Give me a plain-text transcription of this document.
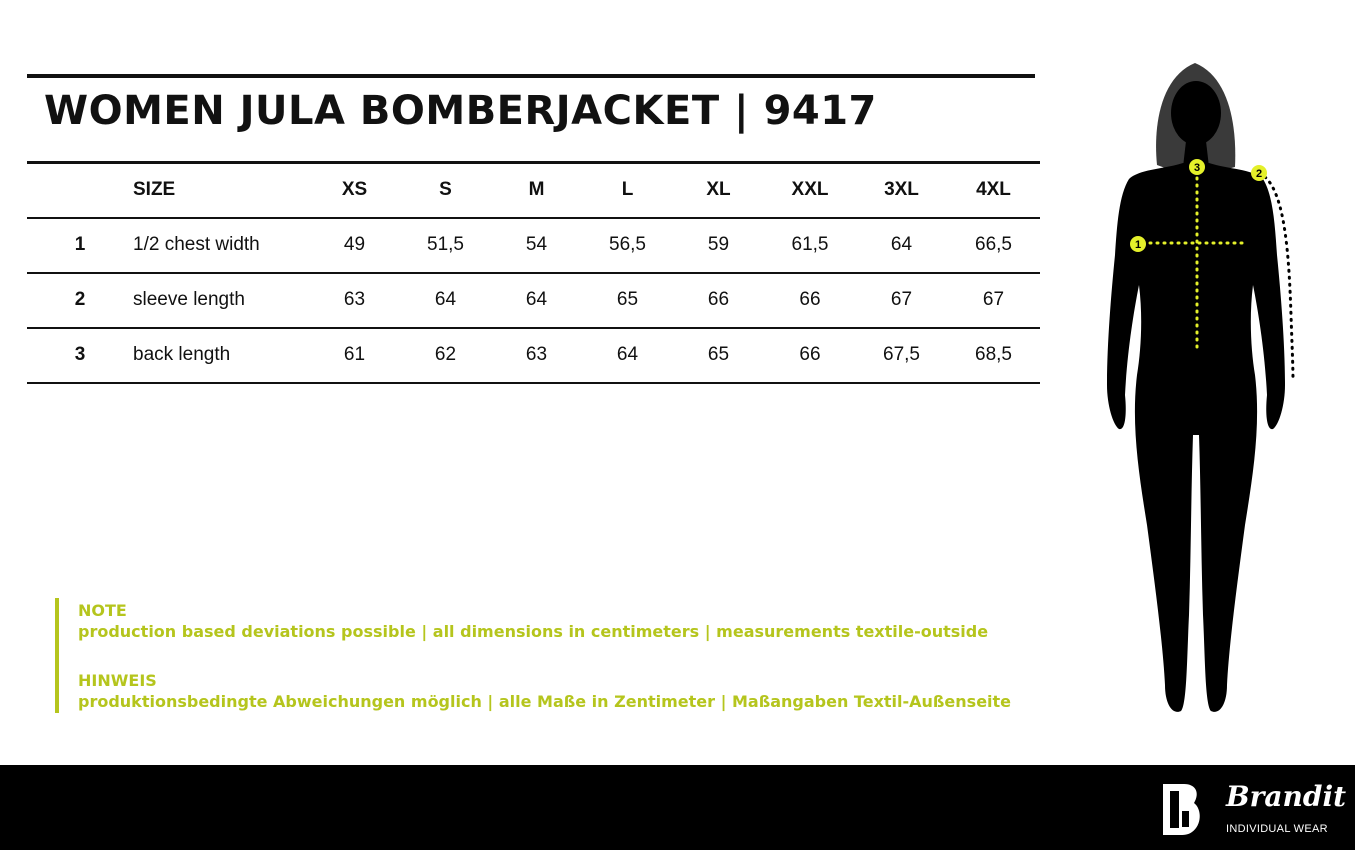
WOMEN JULA BOMBERJACKET | 9417
	SIZE	XS	S	M	L	XL	XXL	3XL	4XL
1	1/2 chest width	49	51,5	54	56,5	59	61,5	64	66,5
2	sleeve length	63	64	64	65	66	66	67	67
3	back length	61	62	63	64	65	66	67,5	68,5
NOTE
production based deviations possible | all dimensions in centimeters | measurements textile-outside
HINWEIS
produktionsbedingte Abweichungen möglich | alle Maße in Zentimeter | Maßangaben Textil-Außenseite
1
2
3
Brandit
INDIVIDUAL WEAR
